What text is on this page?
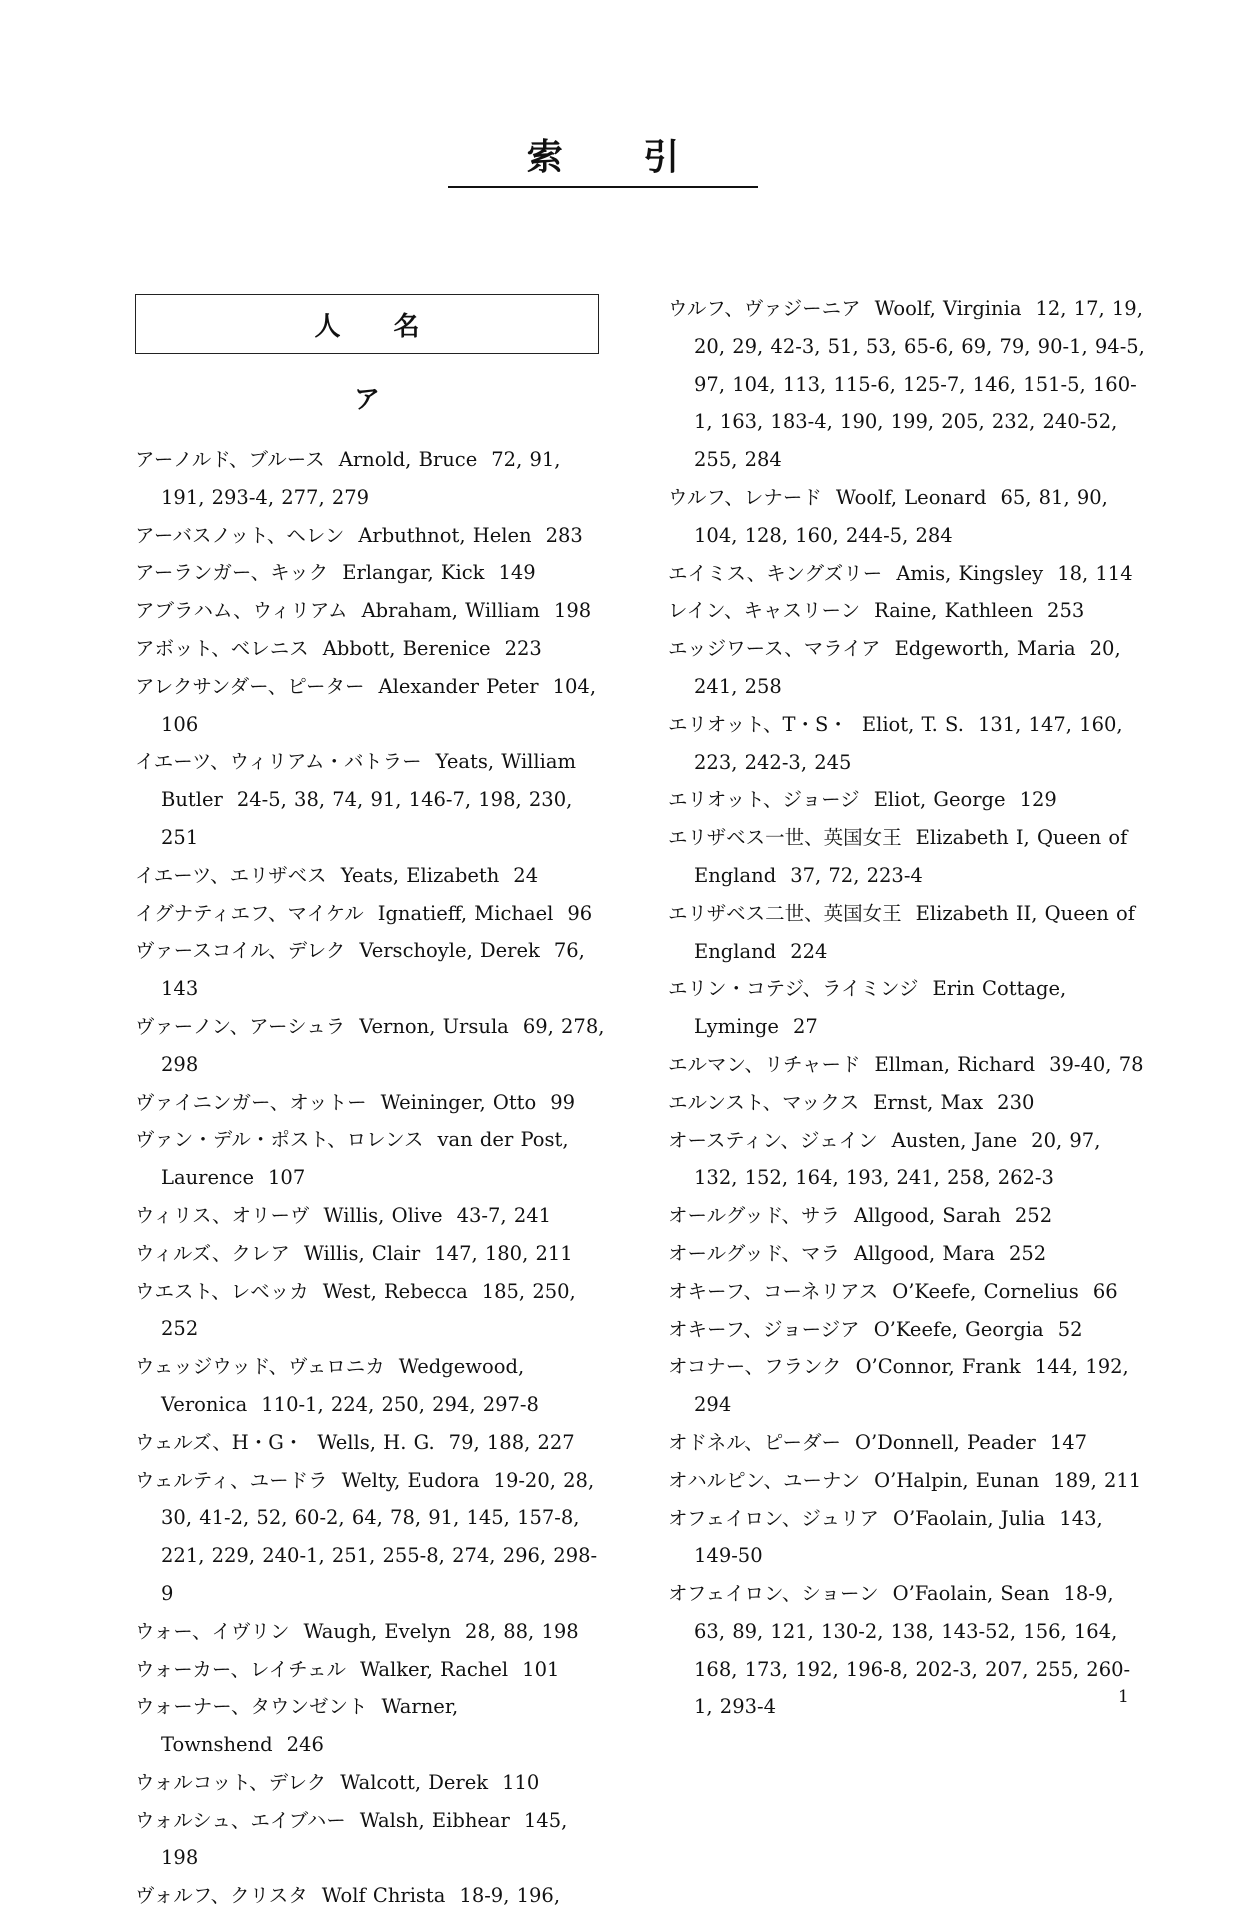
索 引
人 名
ア
アーノルド、ブルース Arnold, Bruce 72, 91, 191, 293-4, 277, 279
アーバスノット、ヘレン Arbuthnot, Helen 283
アーランガー、キック Erlangar, Kick 149
アブラハム、ウィリアム Abraham, William 198
アボット、ベレニス Abbott, Berenice 223
アレクサンダー、ピーター Alexander Peter 104, 106
イエーツ、ウィリアム・バトラー Yeats, William Butler 24-5, 38, 74, 91, 146-7, 198, 230, 251
イエーツ、エリザベス Yeats, Elizabeth 24
イグナティエフ、マイケル Ignatieff, Michael 96
ヴァースコイル、デレク Verschoyle, Derek 76, 143
ヴァーノン、アーシュラ Vernon, Ursula 69, 278, 298
ヴァイニンガー、オットー Weininger, Otto 99
ヴァン・デル・ポスト、ロレンス van der Post, Laurence 107
ウィリス、オリーヴ Willis, Olive 43-7, 241
ウィルズ、クレア Willis, Clair 147, 180, 211
ウエスト、レベッカ West, Rebecca 185, 250, 252
ウェッジウッド、ヴェロニカ Wedgewood, Veronica 110-1, 224, 250, 294, 297-8
ウェルズ、H・G・ Wells, H. G. 79, 188, 227
ウェルティ、ユードラ Welty, Eudora 19-20, 28, 30, 41-2, 52, 60-2, 64, 78, 91, 145, 157-8, 221, 229, 240-1, 251, 255-8, 274, 296, 298-9
ウォー、イヴリン Waugh, Evelyn 28, 88, 198
ウォーカー、レイチェル Walker, Rachel 101
ウォーナー、タウンゼント Warner, Townshend 246
ウォルコット、デレク Walcott, Derek 110
ウォルシュ、エイブハー Walsh, Eibhear 145, 198
ヴォルフ、クリスタ Wolf Christa 18-9, 196,
ウルフ、ヴァジーニア Woolf, Virginia 12, 17, 19, 20, 29, 42-3, 51, 53, 65-6, 69, 79, 90-1, 94-5, 97, 104, 113, 115-6, 125-7, 146, 151-5, 160-1, 163, 183-4, 190, 199, 205, 232, 240-52, 255, 284
ウルフ、レナード Woolf, Leonard 65, 81, 90, 104, 128, 160, 244-5, 284
エイミス、キングズリー Amis, Kingsley 18, 114
レイン、キャスリーン Raine, Kathleen 253
エッジワース、マライア Edgeworth, Maria 20, 241, 258
エリオット、T・S・ Eliot, T. S. 131, 147, 160, 223, 242-3, 245
エリオット、ジョージ Eliot, George 129
エリザベス一世、英国女王 Elizabeth I, Queen of England 37, 72, 223-4
エリザベス二世、英国女王 Elizabeth II, Queen of England 224
エリン・コテジ、ライミンジ Erin Cottage, Lyminge 27
エルマン、リチャード Ellman, Richard 39-40, 78
エルンスト、マックス Ernst, Max 230
オースティン、ジェイン Austen, Jane 20, 97, 132, 152, 164, 193, 241, 258, 262-3
オールグッド、サラ Allgood, Sarah 252
オールグッド、マラ Allgood, Mara 252
オキーフ、コーネリアス O’Keefe, Cornelius 66
オキーフ、ジョージア O’Keefe, Georgia 52
オコナー、フランク O’Connor, Frank 144, 192, 294
オドネル、ピーダー O’Donnell, Peader 147
オハルピン、ユーナン O’Halpin, Eunan 189, 211
オフェイロン、ジュリア O’Faolain, Julia 143, 149-50
オフェイロン、ショーン O’Faolain, Sean 18-9, 63, 89, 121, 130-2, 138, 143-52, 156, 164, 168, 173, 192, 196-8, 202-3, 207, 255, 260-1, 293-4	1
